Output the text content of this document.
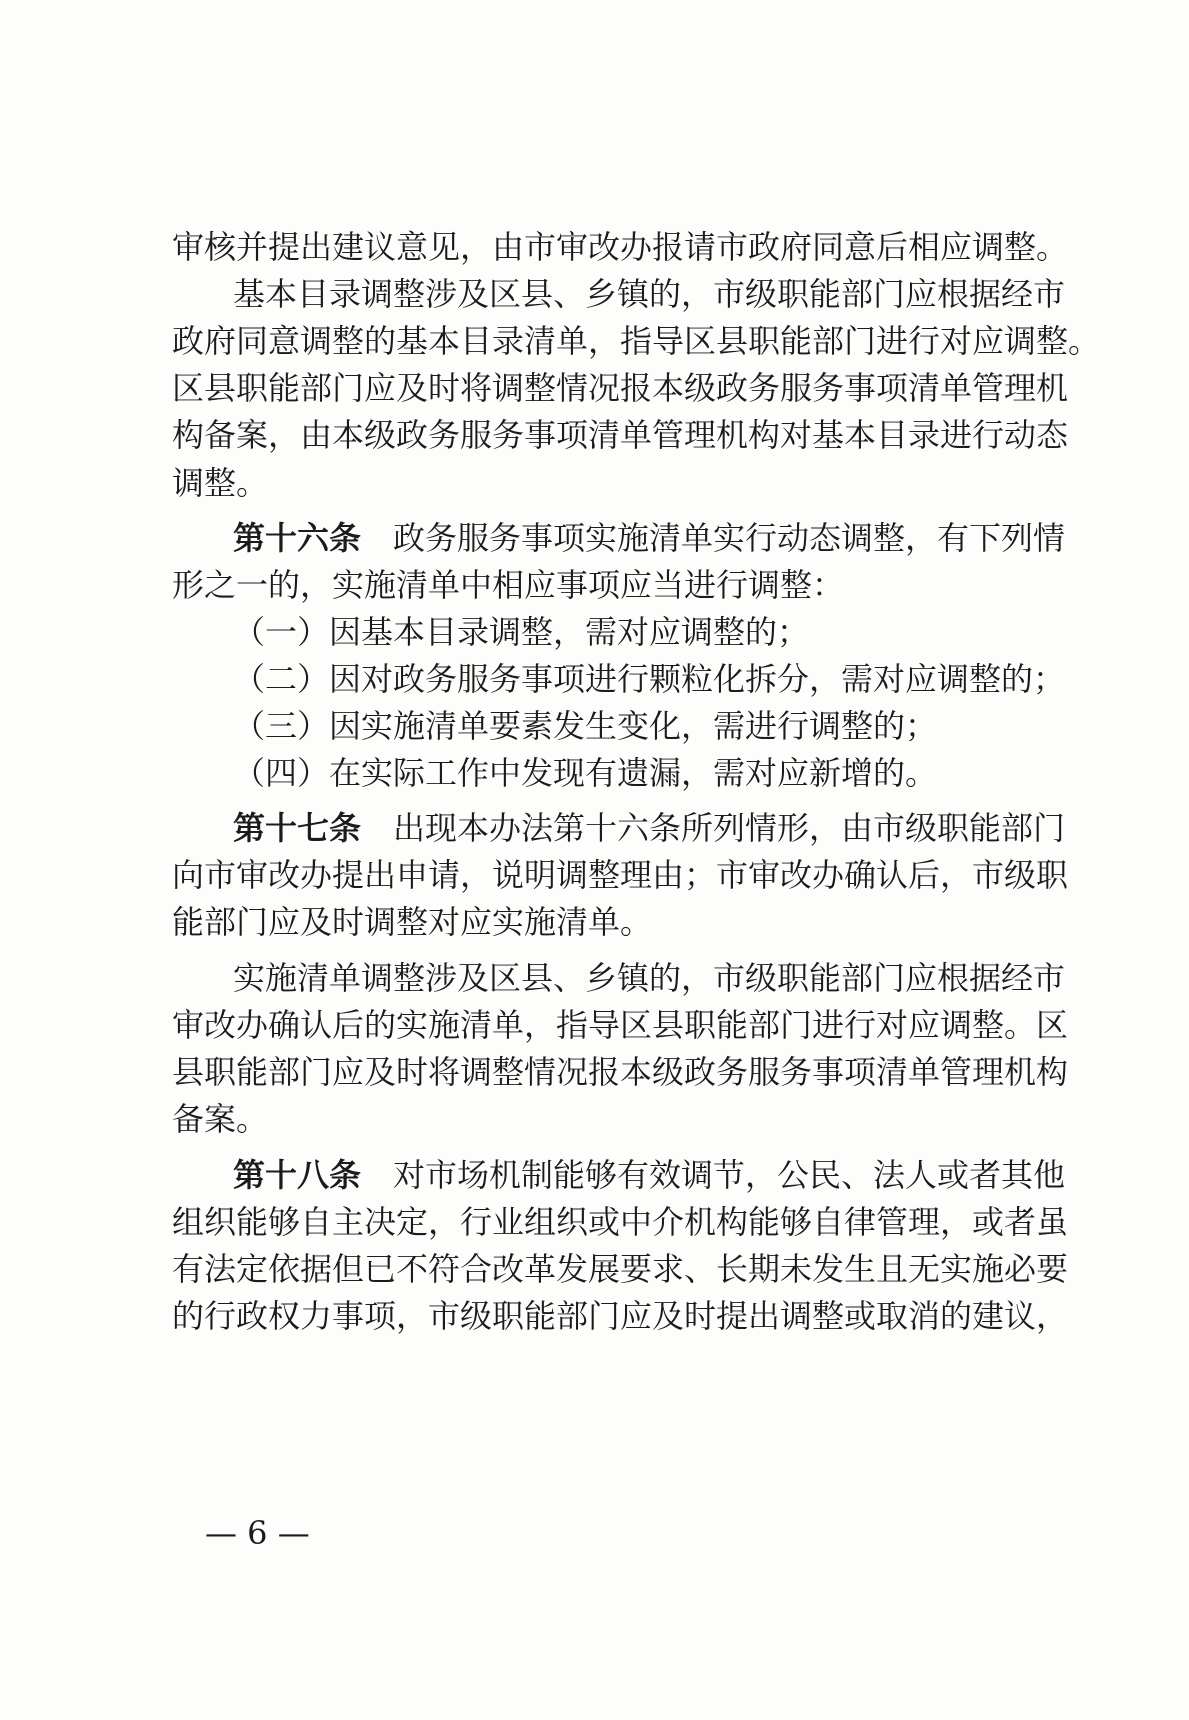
审核并提出建议意见，由市审改办报请市政府同意后相应调整。
基本目录调整涉及区县、乡镇的，市级职能部门应根据经市
政府同意调整的基本目录清单，指导区县职能部门进行对应调整。
区县职能部门应及时将调整情况报本级政务服务事项清单管理机
构备案，由本级政务服务事项清单管理机构对基本目录进行动态
调整。
第十六条 政务服务事项实施清单实行动态调整，有下列情
形之一的，实施清单中相应事项应当进行调整：
（一）因基本目录调整，需对应调整的；
（二）因对政务服务事项进行颗粒化拆分，需对应调整的；
（三）因实施清单要素发生变化，需进行调整的；
（四）在实际工作中发现有遗漏，需对应新增的。
第十七条 出现本办法第十六条所列情形，由市级职能部门
向市审改办提出申请，说明调整理由；市审改办确认后，市级职
能部门应及时调整对应实施清单。
实施清单调整涉及区县、乡镇的，市级职能部门应根据经市
审改办确认后的实施清单，指导区县职能部门进行对应调整。区
县职能部门应及时将调整情况报本级政务服务事项清单管理机构
备案。
第十八条 对市场机制能够有效调节，公民、法人或者其他
组织能够自主决定，行业组织或中介机构能够自律管理，或者虽
有法定依据但已不符合改革发展要求、长期未发生且无实施必要
的行政权力事项，市级职能部门应及时提出调整或取消的建议，
— 6 —
